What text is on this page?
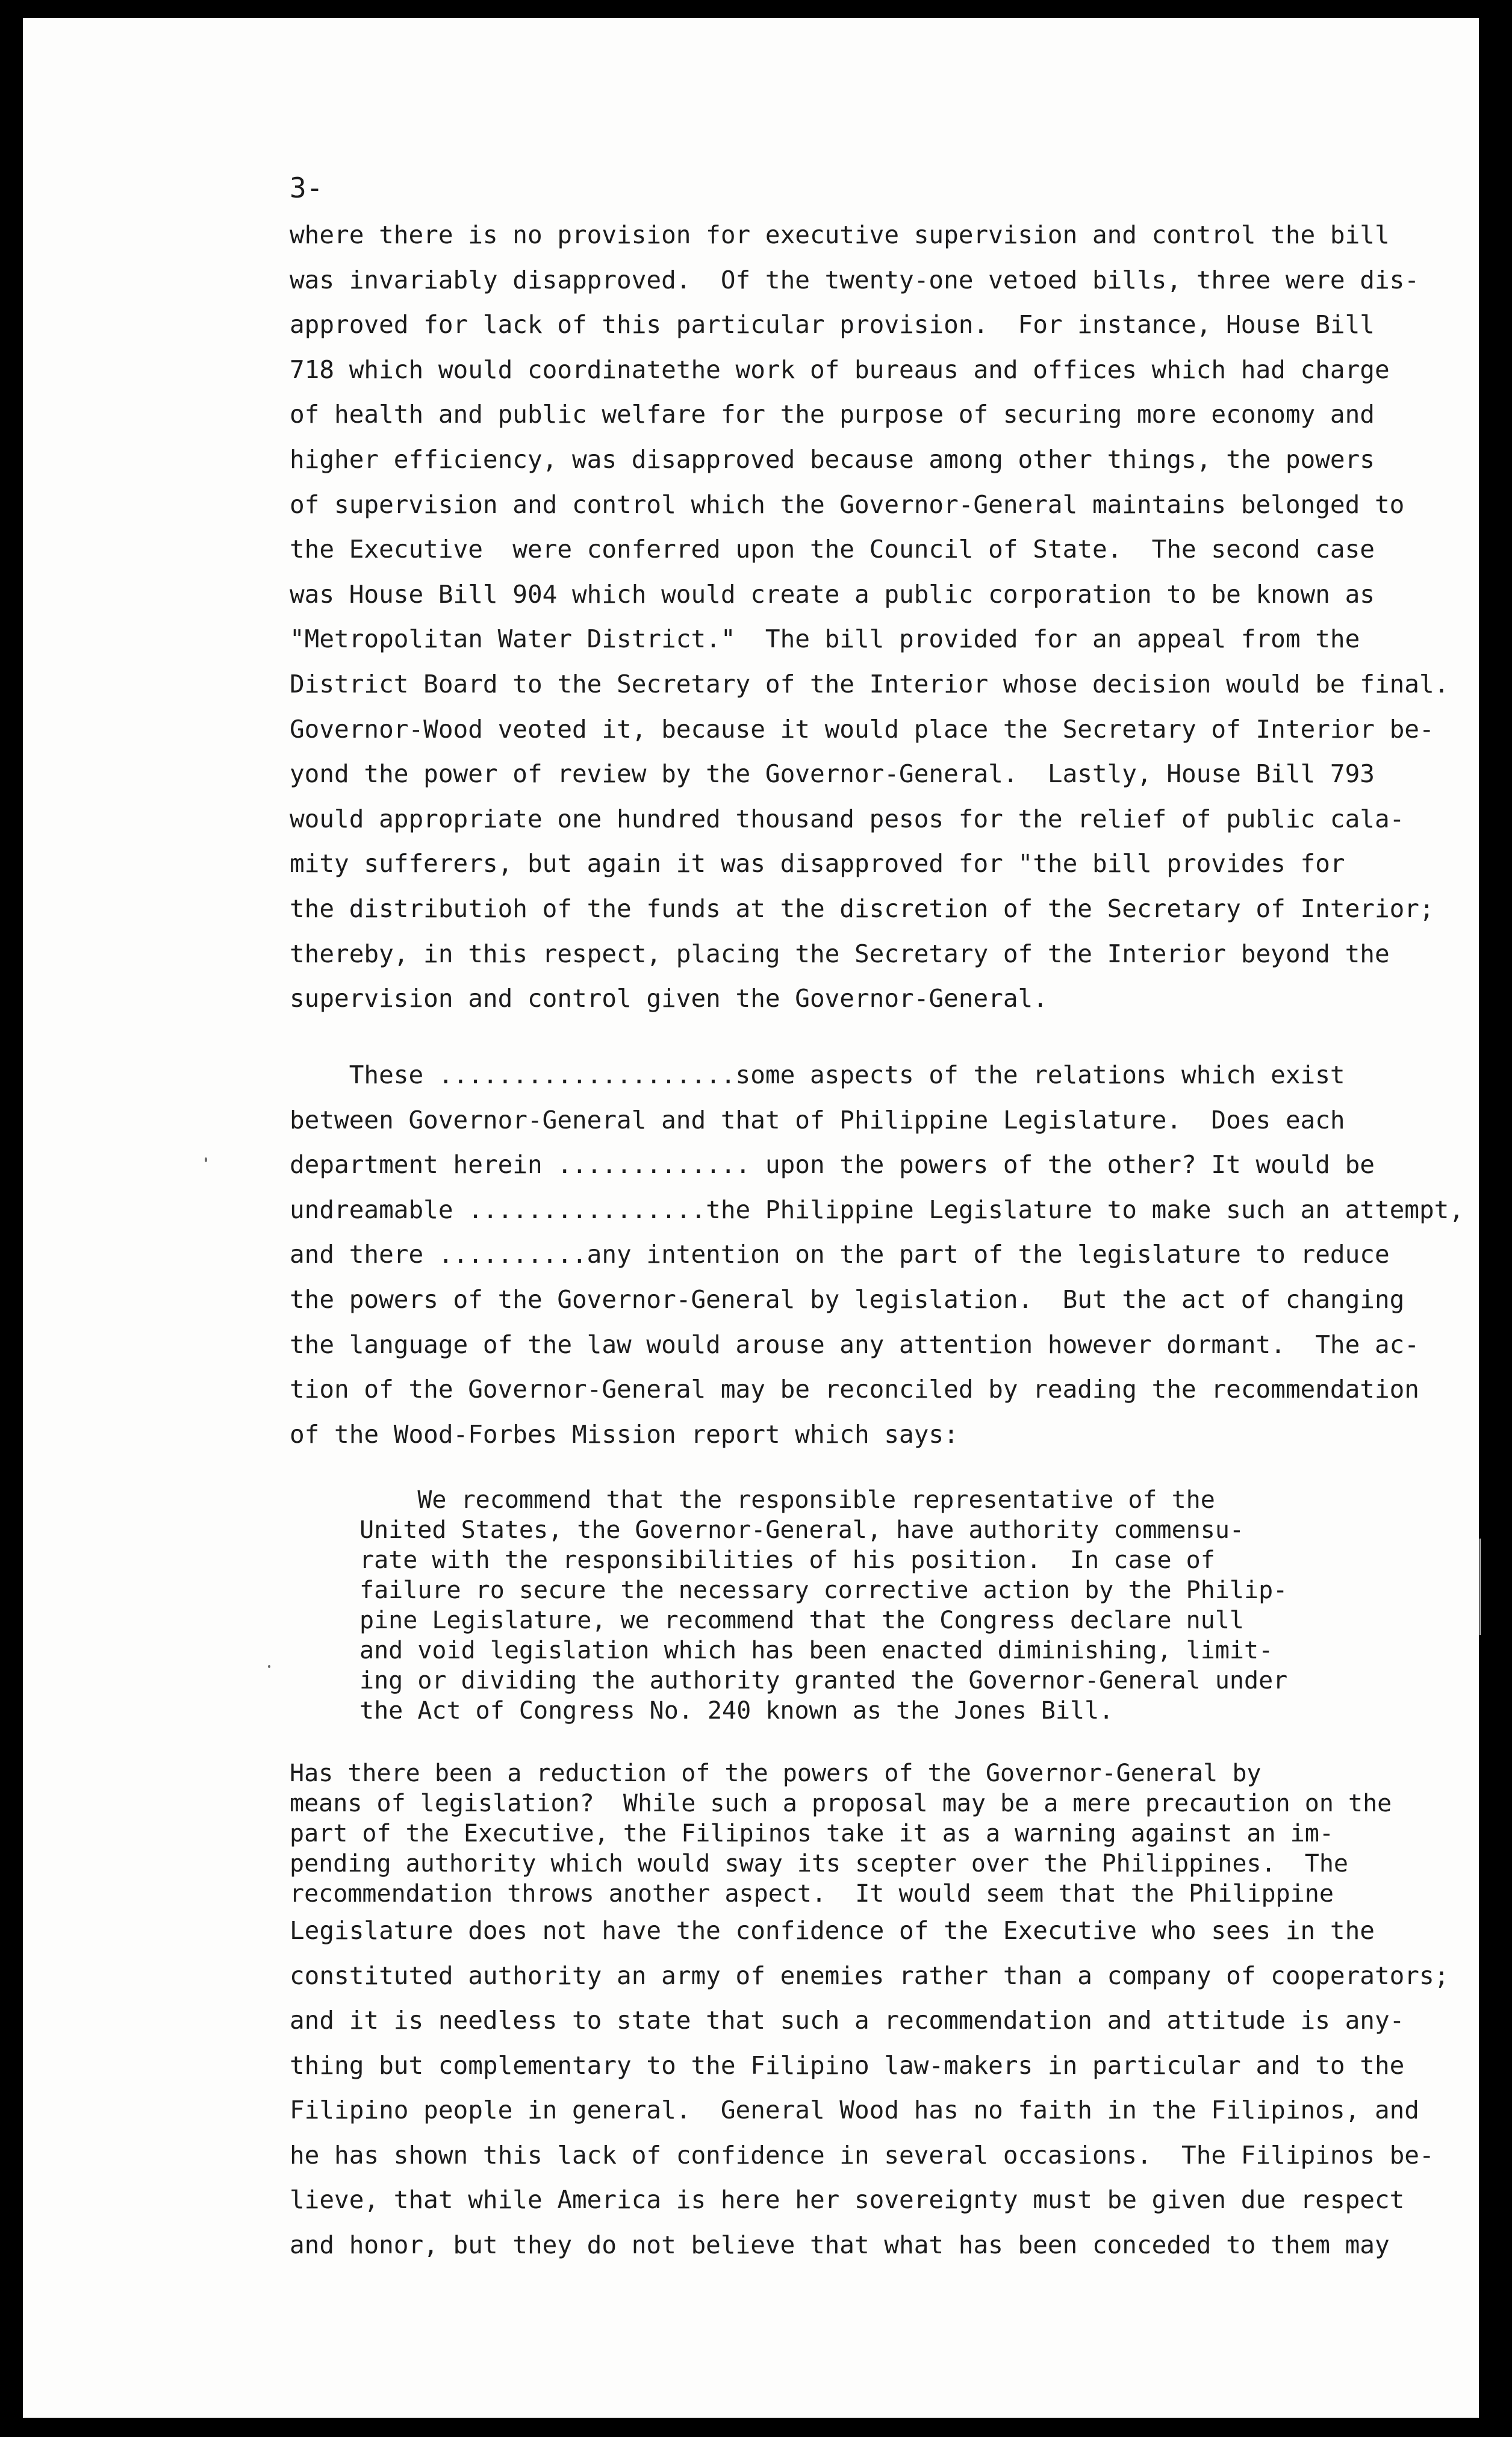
3-
where there is no provision for executive supervision and control the bill
was invariably disapproved.  Of the twenty-one vetoed bills, three were dis-
approved for lack of this particular provision.  For instance, House Bill
718 which would coordinatethe work of bureaus and offices which had charge
of health and public welfare for the purpose of securing more economy and
higher efficiency, was disapproved because among other things, the powers
of supervision and control which the Governor-General maintains belonged to
the Executive  were conferred upon the Council of State.  The second case
was House Bill 904 which would create a public corporation to be known as
"Metropolitan Water District."  The bill provided for an appeal from the
District Board to the Secretary of the Interior whose decision would be final.
Governor-Wood veoted it, because it would place the Secretary of Interior be-
yond the power of review by the Governor-General.  Lastly, House Bill 793
would appropriate one hundred thousand pesos for the relief of public cala-
mity sufferers, but again it was disapproved for "the bill provides for
the distributioh of the funds at the discretion of the Secretary of Interior;
thereby, in this respect, placing the Secretary of the Interior beyond the
supervision and control given the Governor-General.
These ....................some aspects of the relations which exist
between Governor-General and that of Philippine Legislature.  Does each
department herein ............. upon the powers of the other? It would be
undreamable ................the Philippine Legislature to make such an attempt,
and there ..........any intention on the part of the legislature to reduce
the powers of the Governor-General by legislation.  But the act of changing
the language of the law would arouse any attention however dormant.  The ac-
tion of the Governor-General may be reconciled by reading the recommendation
of the Wood-Forbes Mission report which says:
We recommend that the responsible representative of the
United States, the Governor-General, have authority commensu-
rate with the responsibilities of his position.  In case of
failure ro secure the necessary corrective action by the Philip-
pine Legislature, we recommend that the Congress declare null
and void legislation which has been enacted diminishing, limit-
ing or dividing the authority granted the Governor-General under
the Act of Congress No. 240 known as the Jones Bill.
Has there been a reduction of the powers of the Governor-General by
means of legislation?  While such a proposal may be a mere precaution on the
part of the Executive, the Filipinos take it as a warning against an im-
pending authority which would sway its scepter over the Philippines.  The
recommendation throws another aspect.  It would seem that the Philippine
Legislature does not have the confidence of the Executive who sees in the
constituted authority an army of enemies rather than a company of cooperators;
and it is needless to state that such a recommendation and attitude is any-
thing but complementary to the Filipino law-makers in particular and to the
Filipino people in general.  General Wood has no faith in the Filipinos, and
he has shown this lack of confidence in several occasions.  The Filipinos be-
lieve, that while America is here her sovereignty must be given due respect
and honor, but they do not believe that what has been conceded to them may
